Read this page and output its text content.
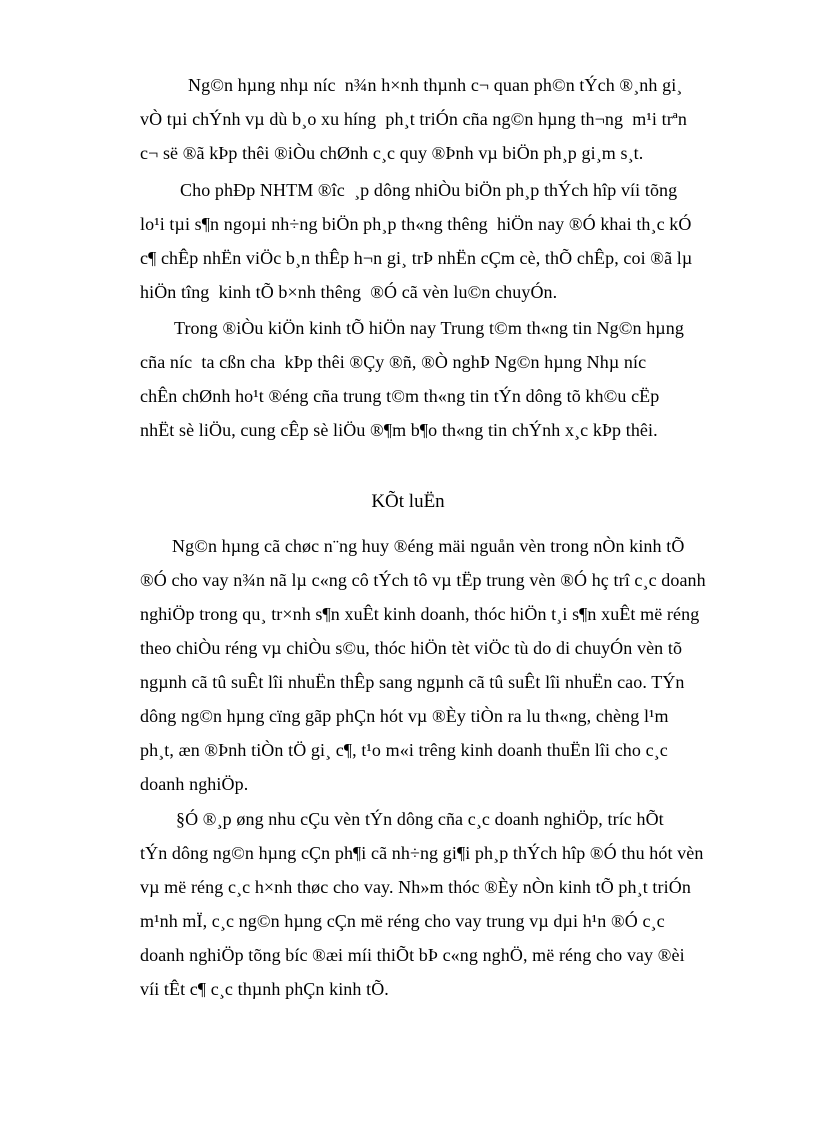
Ng©n hµng nhµ níc  n¾n h×nh thµnh c¬ quan ph©n tÝch ®¸nh gi¸
vÒ tµi chÝnh vµ dù b¸o xu híng  ph¸t triÓn cña ng©n hµng th¬ng  m¹i trªn
c¬ së ®ã kÞp thêi ®iÒu chØnh c¸c quy ®Þnh vµ biÖn ph¸p gi¸m s¸t.
Cho phÐp NHTM ®îc  ¸p dông nhiÒu biÖn ph¸p thÝch hîp víi tõng
lo¹i tµi s¶n ngoµi nh÷ng biÖn ph¸p th«ng thêng  hiÖn nay ®Ó khai th¸c kÓ
c¶ chÊp nhËn viÖc b¸n thÊp h¬n gi¸ trÞ nhËn cÇm cè, thÕ chÊp, coi ®ã lµ
hiÖn tîng  kinh tÕ b×nh thêng  ®Ó cã vèn lu©n chuyÓn.
Trong ®iÒu kiÖn kinh tÕ hiÖn nay Trung t©m th«ng tin Ng©n hµng
cña níc  ta cßn cha  kÞp thêi ®Çy ®ñ, ®Ò nghÞ Ng©n hµng Nhµ níc
chÊn chØnh ho¹t ®éng cña trung t©m th«ng tin tÝn dông tõ kh©u cËp
nhËt sè liÖu, cung cÊp sè liÖu ®¶m b¶o th«ng tin chÝnh x¸c kÞp thêi.
KÕt luËn
Ng©n hµng cã chøc n¨ng huy ®éng mäi nguån vèn trong nÒn kinh tÕ
®Ó cho vay n¾n nã lµ c«ng cô tÝch tô vµ tËp trung vèn ®Ó hç trî c¸c doanh
nghiÖp trong qu¸ tr×nh s¶n xuÊt kinh doanh, thóc hiÖn t¸i s¶n xuÊt më réng
theo chiÒu réng vµ chiÒu s©u, thóc hiÖn tèt viÖc tù do di chuyÓn vèn tõ
ngµnh cã tû suÊt lîi nhuËn thÊp sang ngµnh cã tû suÊt lîi nhuËn cao. TÝn
dông ng©n hµng cïng gãp phÇn hót vµ ®Èy tiÒn ra lu th«ng, chèng l¹m
ph¸t, æn ®Þnh tiÒn tÖ gi¸ c¶, t¹o m«i trêng kinh doanh thuËn lîi cho c¸c
doanh nghiÖp.
§Ó ®¸p øng nhu cÇu vèn tÝn dông cña c¸c doanh nghiÖp, tríc hÕt
tÝn dông ng©n hµng cÇn ph¶i cã nh÷ng gi¶i ph¸p thÝch hîp ®Ó thu hót vèn
vµ më réng c¸c h×nh thøc cho vay. Nh»m thóc ®Èy nÒn kinh tÕ ph¸t triÓn
m¹nh mÏ, c¸c ng©n hµng cÇn më réng cho vay trung vµ dµi h¹n ®Ó c¸c
doanh nghiÖp tõng bíc ®æi míi thiÕt bÞ c«ng nghÖ, më réng cho vay ®èi
víi tÊt c¶ c¸c thµnh phÇn kinh tÕ.
